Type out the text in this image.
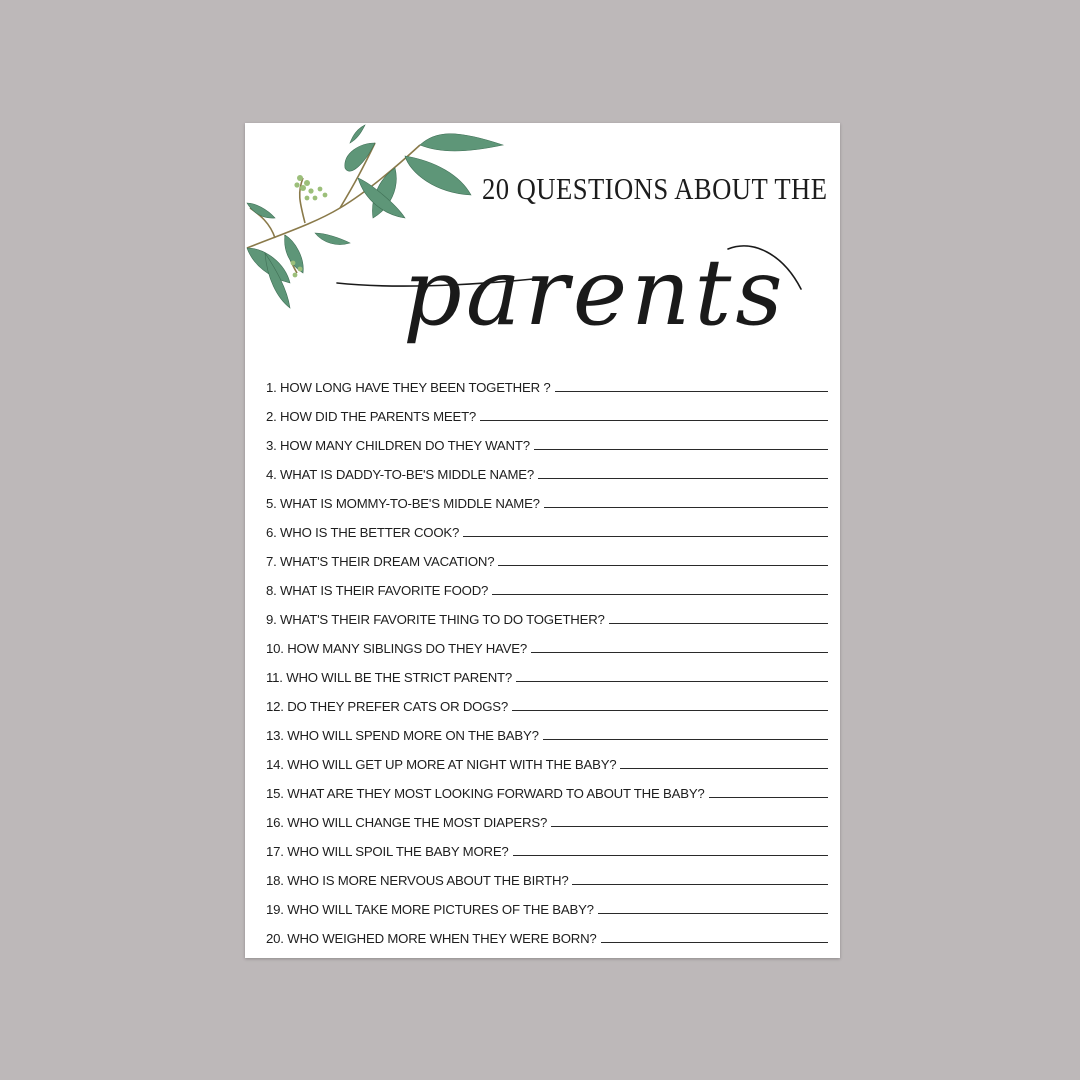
20 QUESTIONS ABOUT THE
parents
1. HOW LONG HAVE THEY BEEN TOGETHER ?
2. HOW DID THE PARENTS MEET?
3. HOW MANY CHILDREN DO THEY WANT?
4. WHAT IS DADDY-TO-BE'S MIDDLE NAME?
5. WHAT IS MOMMY-TO-BE'S MIDDLE NAME?
6. WHO IS THE BETTER COOK?
7. WHAT'S THEIR DREAM VACATION?
8. WHAT IS THEIR FAVORITE FOOD?
9. WHAT'S THEIR FAVORITE THING TO DO TOGETHER?
10. HOW MANY SIBLINGS DO THEY HAVE?
11. WHO WILL BE THE STRICT PARENT?
12. DO THEY PREFER CATS OR DOGS?
13. WHO WILL SPEND MORE ON THE BABY?
14. WHO WILL GET UP MORE AT NIGHT WITH THE BABY?
15. WHAT ARE THEY MOST LOOKING FORWARD TO ABOUT THE BABY?
16. WHO WILL CHANGE THE MOST DIAPERS?
17. WHO WILL SPOIL THE BABY MORE?
18. WHO IS MORE NERVOUS ABOUT THE BIRTH?
19. WHO WILL TAKE MORE PICTURES OF THE BABY?
20. WHO WEIGHED MORE WHEN THEY WERE BORN?
